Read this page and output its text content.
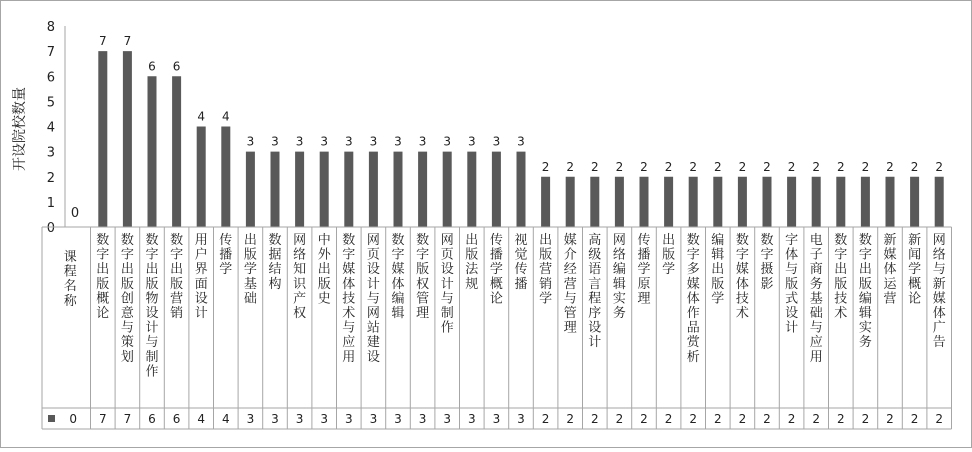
开设院校数量
0
1
2
3
4
5
6
7
8
0
7 7
6 6
4 4
3 3 3 3 3 3 3 3 3 3 3 3
2 2 2 2 2 2 2 2 2 2 2 2 2 2 2 2 2
课
程
名
称
0
数
字
出
版
概
论
7
数
字
出
版
创
意
与
策
划
7
数
字
出
版
物
设
计
与
制
作
6
数
字
出
版
营
销
6
用
户
界
面
设
计
4
传
播
学
4
出
版
学
基
础
3
数
据
结
构
3
网
络
知
识
产
权
3
中
外
出
版
史
3
数
字
媒
体
技
术
与
应
用
3
网
页
设
计
与
网
站
建
设
3
数
字
媒
体
编
辑
3
数
字
版
权
管
理
3
网
页
设
计
与
制
作
3
出
版
法
规
3
传
播
学
概
论
3
视
觉
传
播
3
出
版
营
销
学
2
媒
介
经
营
与
管
理
2
高
级
语
言
程
序
设
计
2
网
络
编
辑
实
务
2
传
播
学
原
理
2
出
版
学
2
数
字
多
媒
体
作
品
赏
析
2
编
辑
出
版
学
2
数
字
媒
体
技
术
2
数
字
摄
影
2
字
体
与
版
式
设
计
2
电
子
商
务
基
础
与
应
用
2
数
字
出
版
技
术
2
数
字
出
版
编
辑
实
务
2
新
媒
体
运
营
2
新
闻
学
概
论
2
网
络
与
新
媒
体
广
告
2
